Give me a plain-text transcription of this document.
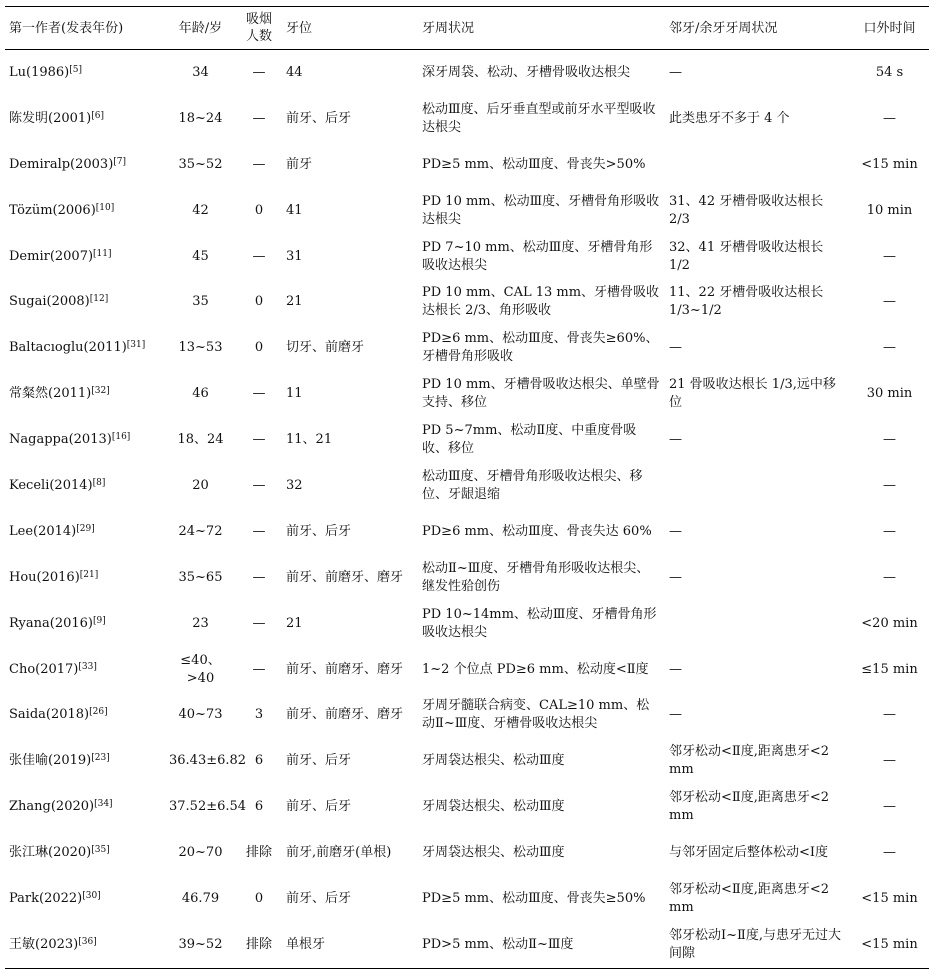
第一作者(发表年份)	年龄/岁	吸烟人数	牙位	牙周状况	邻牙/余牙牙周状况	口外时间
Lu(1986)[5]	34	—	44	深牙周袋、松动、牙槽骨吸收达根尖	—	54 s
陈发明(2001)[6]	18~24	—	前牙、后牙	松动Ⅲ度、后牙垂直型或前牙水平型吸收达根尖	此类患牙不多于 4 个	—
Demiralp(2003)[7]	35~52	—	前牙	PD≥5 mm、松动Ⅲ度、骨丧失>50%		<15 min
Tözüm(2006)[10]	42	0	41	PD 10 mm、松动Ⅲ度、牙槽骨角形吸收达根尖	31、42 牙槽骨吸收达根长 2/3	10 min
Demir(2007)[11]	45	—	31	PD 7~10 mm、松动Ⅲ度、牙槽骨角形吸收达根尖	32、41 牙槽骨吸收达根长 1/2	—
Sugai(2008)[12]	35	0	21	PD 10 mm、CAL 13 mm、牙槽骨吸收达根长 2/3、角形吸收	11、22 牙槽骨吸收达根长 1/3~1/2	—
Baltacıoglu(2011)[31]	13~53	0	切牙、前磨牙	PD≥6 mm、松动Ⅲ度、骨丧失≥60%、牙槽骨角形吸收	—	—
常粲然(2011)[32]	46	—	11	PD 10 mm、牙槽骨吸收达根尖、单壁骨支持、移位	21 骨吸收达根长 1/3,远中移位	30 min
Nagappa(2013)[16]	18、24	—	11、21	PD 5~7mm、松动Ⅱ度、中重度骨吸收、移位	—	—
Keceli(2014)[8]	20	—	32	松动Ⅲ度、牙槽骨角形吸收达根尖、移位、牙龈退缩		—
Lee(2014)[29]	24~72	—	前牙、后牙	PD≥6 mm、松动Ⅲ度、骨丧失达 60%	—	—
Hou(2016)[21]	35~65	—	前牙、前磨牙、磨牙	松动Ⅱ~Ⅲ度、牙槽骨角形吸收达根尖、继发性𬌗创伤	—	—
Ryana(2016)[9]	23	—	21	PD 10~14mm、松动Ⅲ度、牙槽骨角形吸收达根尖		<20 min
Cho(2017)[33]	≤40、>40	—	前牙、前磨牙、磨牙	1~2 个位点 PD≥6 mm、松动度<Ⅱ度	—	≤15 min
Saida(2018)[26]	40~73	3	前牙、前磨牙、磨牙	牙周牙髓联合病变、CAL≥10 mm、松动Ⅱ~Ⅲ度、牙槽骨吸收达根尖	—	—
张佳喻(2019)[23]	36.43±6.82	6	前牙、后牙	牙周袋达根尖、松动Ⅲ度	邻牙松动<Ⅱ度,距离患牙<2 mm	—
Zhang(2020)[34]	37.52±6.54	6	前牙、后牙	牙周袋达根尖、松动Ⅲ度	邻牙松动<Ⅱ度,距离患牙<2 mm	—
张江琳(2020)[35]	20~70	排除	前牙,前磨牙(单根)	牙周袋达根尖、松动Ⅲ度	与邻牙固定后整体松动<Ⅰ度	—
Park(2022)[30]	46.79	0	前牙、后牙	PD≥5 mm、松动Ⅲ度、骨丧失≥50%	邻牙松动<Ⅱ度,距离患牙<2 mm	<15 min
王敏(2023)[36]	39~52	排除	单根牙	PD>5 mm、松动Ⅱ~Ⅲ度	邻牙松动Ⅰ~Ⅱ度,与患牙无过大间隙	<15 min
